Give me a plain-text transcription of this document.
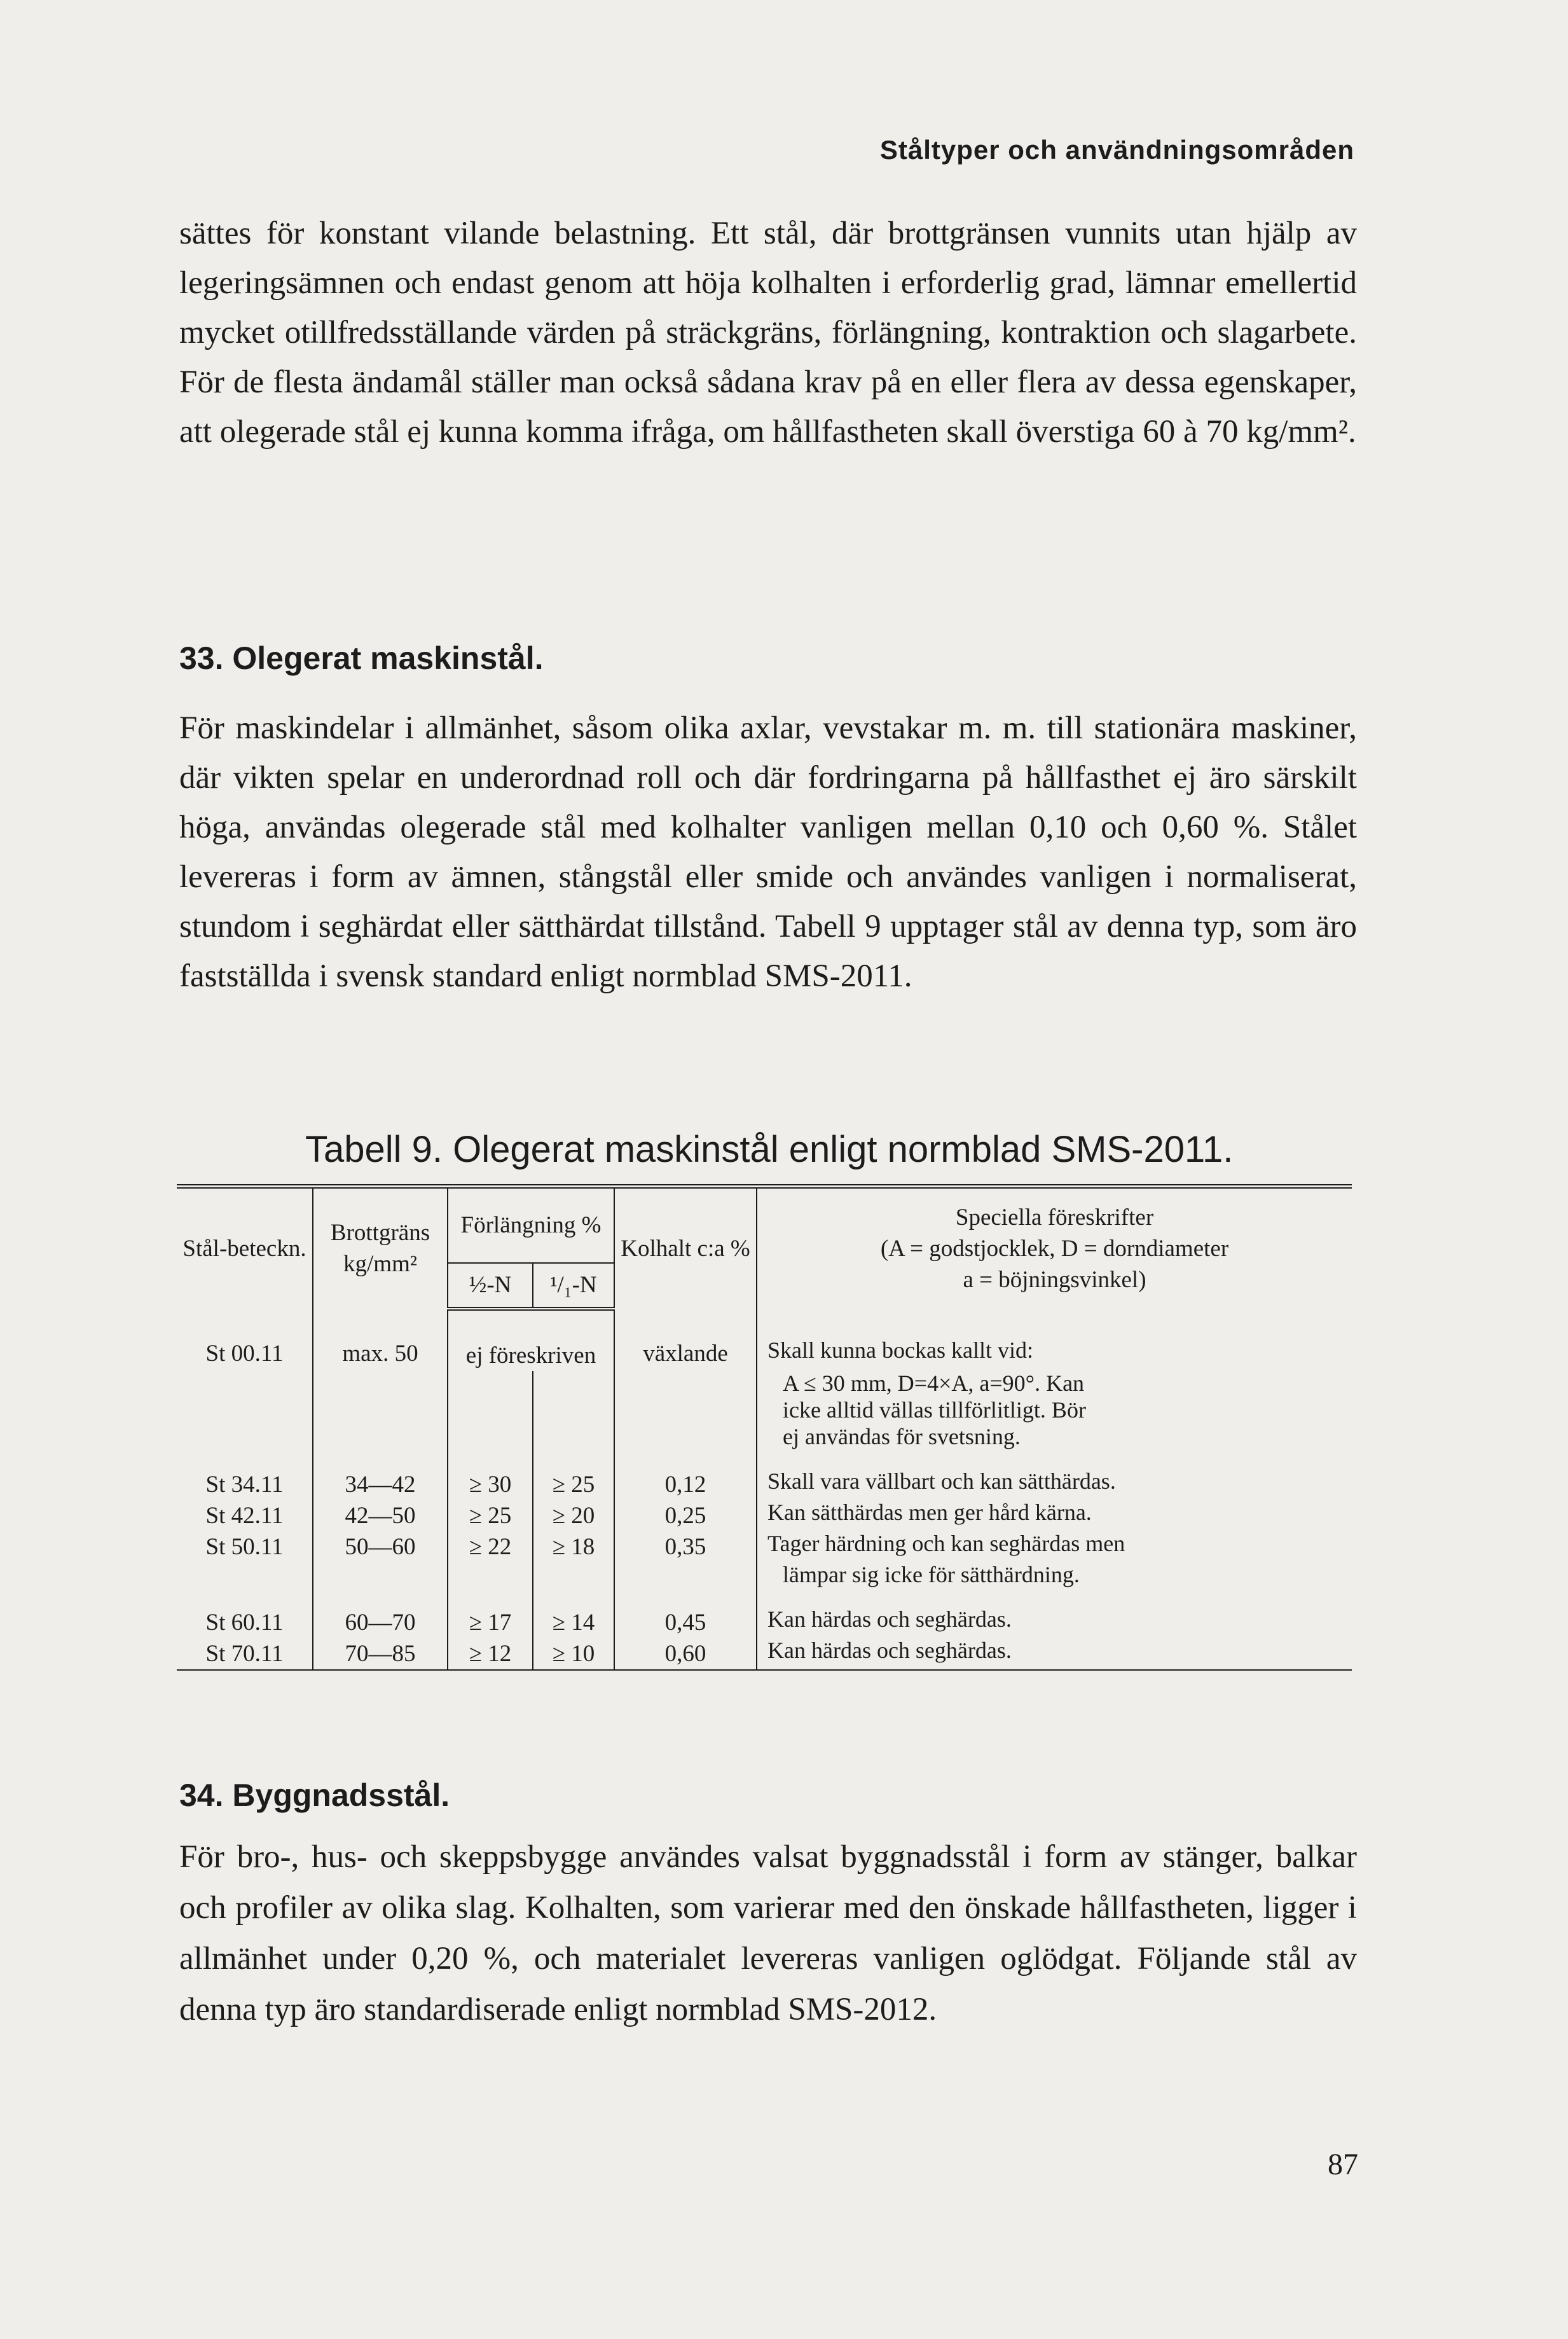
Ståltyper och användningsområden

sättes för konstant vilande belastning. Ett stål, där brottgränsen vunnits utan hjälp av legeringsämnen och endast genom att höja kolhalten i erforderlig grad, lämnar emellertid mycket otillfredsställande värden på sträckgräns, förlängning, kontraktion och slagarbete. För de flesta ändamål ställer man också sådana krav på en eller flera av dessa egenskaper, att olegerade stål ej kunna komma ifråga, om hållfastheten skall överstiga 60 à 70 kg/mm².

33. Olegerat maskinstål.

För maskindelar i allmänhet, såsom olika axlar, vevstakar m. m. till stationära maskiner, där vikten spelar en underordnad roll och där fordringarna på hållfasthet ej äro särskilt höga, användas olegerade stål med kolhalter vanligen mellan 0,10 och 0,60 %. Stålet levereras i form av ämnen, stångstål eller smide och användes vanligen i normaliserat, stundom i seghärdat eller sätthärdat tillstånd. Tabell 9 upptager stål av denna typ, som äro fastställda i svensk standard enligt normblad SMS-2011.

Tabell 9. Olegerat maskinstål enligt normblad SMS-2011.
Stål-beteckn.	Brottgräns kg/mm²	Förlängning %		Kolhalt c:a %	Speciella föreskrifter
(A = godstjocklek, D = dorndiameter
a = böjningsvinkel)

		½-N	¹/₁-N		
St 00.11	max. 50	ej föreskriven		växlande	Skall kunna bockas kallt vid:
					A ≤ 30 mm, D=4×A, a=90°. Kan
					icke alltid vällas tillförlitligt. Bör
					ej användas för svetsning.
St 34.11	34—42	≥ 30	≥ 25	0,12	Skall vara vällbart och kan sätthärdas.
St 42.11	42—50	≥ 25	≥ 20	0,25	Kan sätthärdas men ger hård kärna.
St 50.11	50—60	≥ 22	≥ 18	0,35	Tager härdning och kan seghärdas men
					lämpar sig icke för sätthärdning.
St 60.11	60—70	≥ 17	≥ 14	0,45	Kan härdas och seghärdas.
St 70.11	70—85	≥ 12	≥ 10	0,60	Kan härdas och seghärdas.
34. Byggnadsstål.

För bro-, hus- och skeppsbygge användes valsat byggnadsstål i form av stänger, balkar och profiler av olika slag. Kolhalten, som varierar med den önskade hållfastheten, ligger i allmänhet under 0,20 %, och materialet levereras vanligen oglödgat. Följande stål av denna typ äro standardiserade enligt normblad SMS-2012.

87
